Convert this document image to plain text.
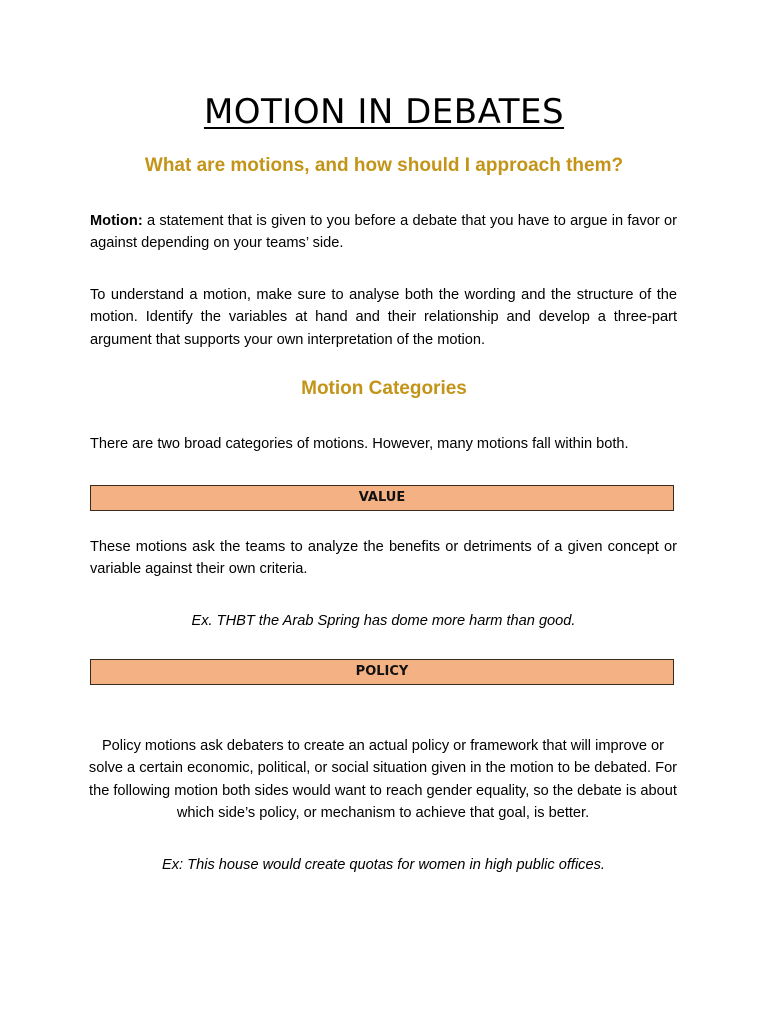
MOTION IN DEBATES
What are motions, and how should I approach them?
Motion: a statement that is given to you before a debate that you have to argue in favor or against depending on your teams’ side.
To understand a motion, make sure to analyse both the wording and the structure of the motion. Identify the variables at hand and their relationship and develop a three-part argument that supports your own interpretation of the motion.
Motion Categories
There are two broad categories of motions. However, many motions fall within both.
VALUE
These motions ask the teams to analyze the benefits or detriments of a given concept or variable against their own criteria.
Ex. THBT the Arab Spring has dome more harm than good.
POLICY
Policy motions ask debaters to create an actual policy or framework that will improve or solve a certain economic, political, or social situation given in the motion to be debated. For the following motion both sides would want to reach gender equality, so the debate is about which side’s policy, or mechanism to achieve that goal, is better.
Ex: This house would create quotas for women in high public offices.
